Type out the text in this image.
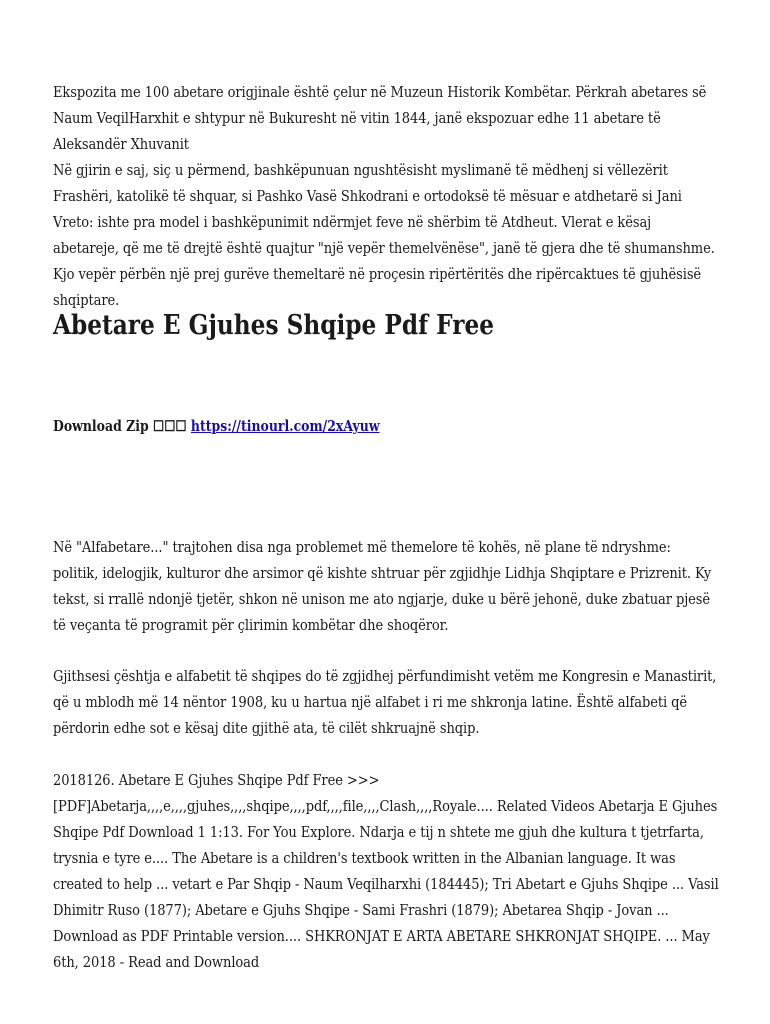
Ekspozita me 100 abetare origjinale është çelur në Muzeun Historik Kombëtar. Përkrah abetares së Naum VeqilHarxhit e shtypur në Bukuresht në vitin 1844, janë ekspozuar edhe 11 abetare të Aleksandër Xhuvanit

Në gjirin e saj, siç u përmend, bashkëpunuan ngushtësisht myslimanë të mëdhenj si vëllezërit Frashëri, katolikë të shquar, si Pashko Vasë Shkodrani e ortodoksë të mësuar e atdhetarë si Jani Vreto: ishte pra model i bashkëpunimit ndërmjet feve në shërbim të Atdheut. Vlerat e kësaj abetareje, që me të drejtë është quajtur "një vepër themelvënëse", janë të gjera dhe të shumanshme. Kjo vepër përbën një prej gurëve themeltarë në proçesin ripërtëritës dhe ripërcaktues të gjuhësisë shqiptare.

Abetare E Gjuhes Shqipe Pdf Free

Download Zip ☐☐☐ https://tinourl.com/2xAyuw

Në "Alfabetare..." trajtohen disa nga problemet më themelore të kohës, në plane të ndryshme: politik, idelogjik, kulturor dhe arsimor që kishte shtruar për zgjidhje Lidhja Shqiptare e Prizrenit. Ky tekst, si rrallë ndonjë tjetër, shkon në unison me ato ngjarje, duke u bërë jehonë, duke zbatuar pjesë të veçanta të programit për çlirimin kombëtar dhe shoqëror.

Gjithsesi çështja e alfabetit të shqipes do të zgjidhej përfundimisht vetëm me Kongresin e Manastirit, që u mblodh më 14 nëntor 1908, ku u hartua një alfabet i ri me shkronja latine. Është alfabeti që përdorin edhe sot e kësaj dite gjithë ata, të cilët shkruajnë shqip.

2018126. Abetare E Gjuhes Shqipe Pdf Free >>> [PDF]Abetarja,,,,e,,,,gjuhes,,,,shqipe,,,,pdf,,,,file,,,,Clash,,,,Royale.... Related Videos Abetarja E Gjuhes Shqipe Pdf Download 1 1:13. For You Explore. Ndarja e tij n shtete me gjuh dhe kultura t tjetrfarta, trysnia e tyre e.... The Abetare is a children's textbook written in the Albanian language. It was created to help ... vetart e Par Shqip - Naum Veqilharxhi (184445); Tri Abetart e Gjuhs Shqipe ... Vasil Dhimitr Ruso (1877); Abetare e Gjuhs Shqipe - Sami Frashri (1879); Abetarea Shqip - Jovan ... Download as PDF Printable version.... SHKRONJAT E ARTA ABETARE SHKRONJAT SHQIPE. ... May 6th, 2018 - Read and Download
